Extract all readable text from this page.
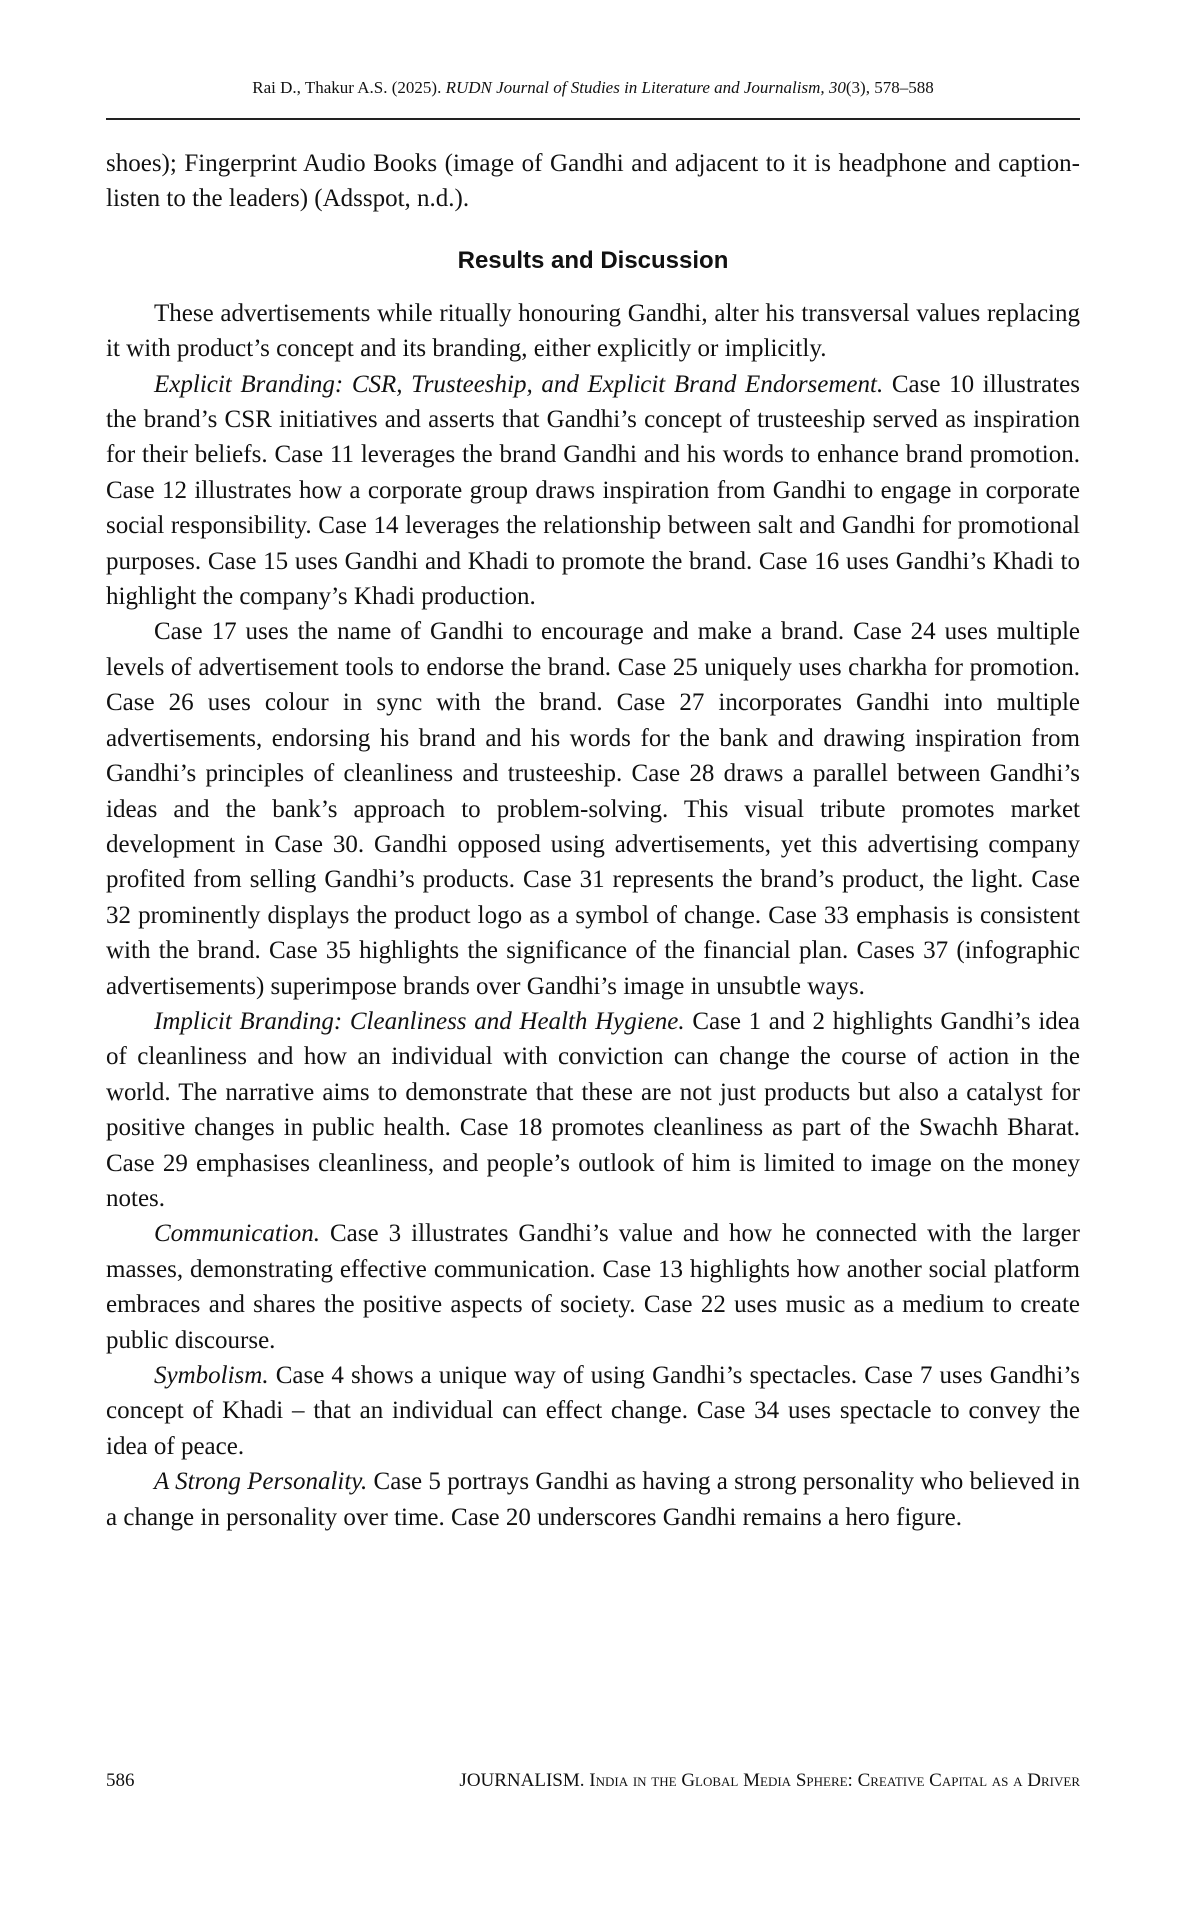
Rai D., Thakur A.S. (2025). RUDN Journal of Studies in Literature and Journalism, 30(3), 578–588

shoes); Fingerprint Audio Books (image of Gandhi and adjacent to it is headphone and caption-listen to the leaders) (Adsspot, n.d.).

Results and Discussion

These advertisements while ritually honouring Gandhi, alter his transversal values replacing it with product’s concept and its branding, either explicitly or implicitly.

Explicit Branding: CSR, Trusteeship, and Explicit Brand Endorsement. Case 10 illustrates the brand’s CSR initiatives and asserts that Gandhi’s concept of trusteeship served as inspiration for their beliefs. Case 11 leverages the brand Gandhi and his words to enhance brand promotion. Case 12 illustrates how a corporate group draws inspiration from Gandhi to engage in corporate social responsibility. Case 14 leverages the relationship between salt and Gandhi for promotional purposes. Case 15 uses Gandhi and Khadi to promote the brand. Case 16 uses Gandhi’s Khadi to highlight the company’s Khadi production.

Case 17 uses the name of Gandhi to encourage and make a brand. Case 24 uses multiple levels of advertisement tools to endorse the brand. Case 25 uniquely uses charkha for promotion. Case 26 uses colour in sync with the brand. Case 27 incorporates Gandhi into multiple advertisements, endorsing his brand and his words for the bank and drawing inspiration from Gandhi’s principles of cleanliness and trusteeship. Case 28 draws a parallel between Gandhi’s ideas and the bank’s approach to problem-solving. This visual tribute promotes market development in Case 30. Gandhi opposed using advertisements, yet this advertising company profited from selling Gandhi’s products. Case 31 represents the brand’s product, the light. Case 32 prominently displays the product logo as a symbol of change. Case 33 emphasis is consistent with the brand. Case 35 highlights the significance of the financial plan. Cases 37 (infographic advertisements) superimpose brands over Gandhi’s image in unsubtle ways.

Implicit Branding: Cleanliness and Health Hygiene. Case 1 and 2 highlights Gandhi’s idea of cleanliness and how an individual with conviction can change the course of action in the world. The narrative aims to demonstrate that these are not just products but also a catalyst for positive changes in public health. Case 18 promotes cleanliness as part of the Swachh Bharat. Case 29 emphasises cleanliness, and people’s outlook of him is limited to image on the money notes.

Communication. Case 3 illustrates Gandhi’s value and how he connected with the larger masses, demonstrating effective communication. Case 13 highlights how another social platform embraces and shares the positive aspects of society. Case 22 uses music as a medium to create public discourse.

Symbolism. Case 4 shows a unique way of using Gandhi’s spectacles. Case 7 uses Gandhi’s concept of Khadi – that an individual can effect change. Case 34 uses spectacle to convey the idea of peace.

A Strong Personality. Case 5 portrays Gandhi as having a strong personality who believed in a change in personality over time. Case 20 underscores Gandhi remains a hero figure.

586	JOURNALISM. India in the Global Media Sphere: Creative Capital as a Driver
